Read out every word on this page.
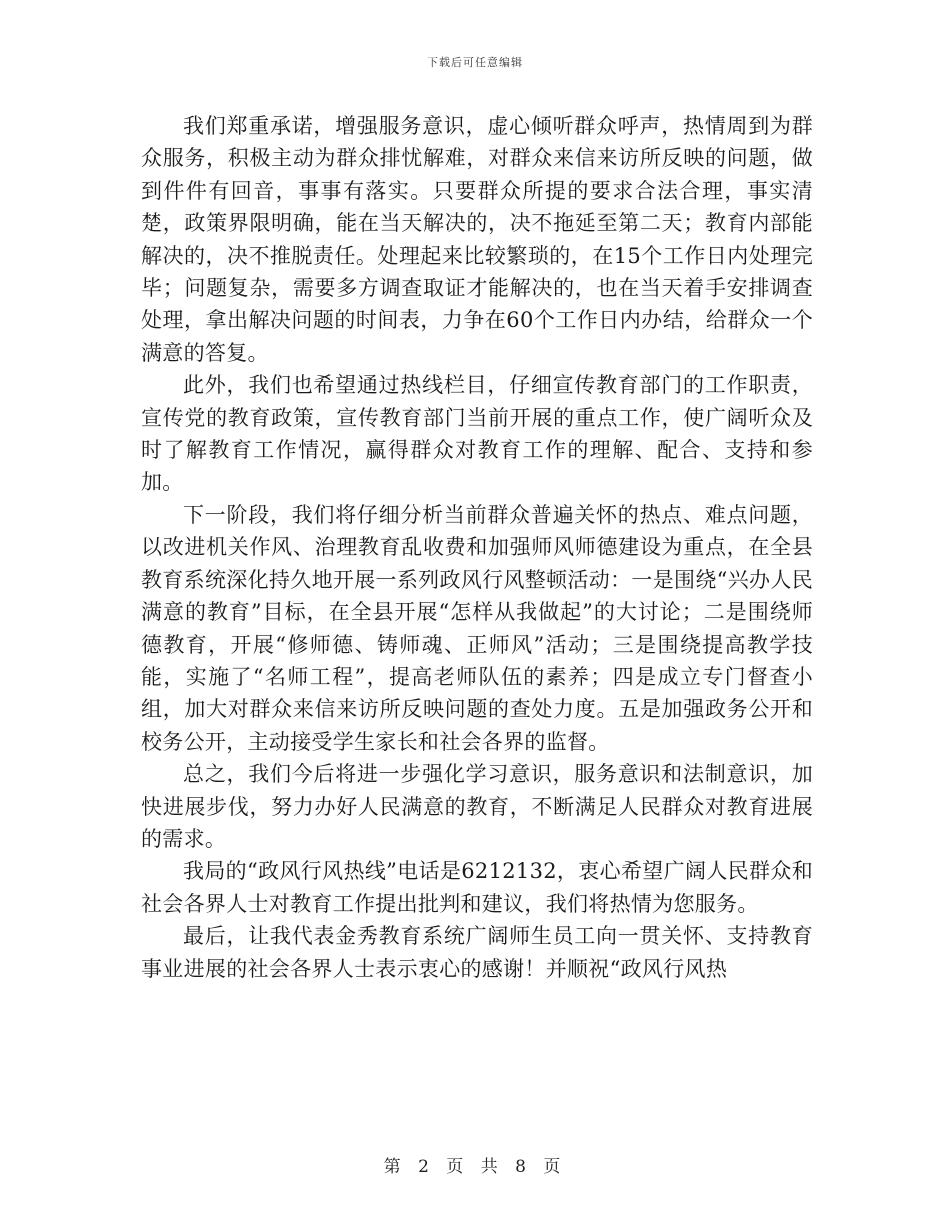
下载后可任意编辑

我们郑重承诺，增强服务意识，虚心倾听群众呼声，热情周到为群众服务，积极主动为群众排忧解难，对群众来信来访所反映的问题，做到件件有回音，事事有落实。只要群众所提的要求合法合理，事实清楚，政策界限明确，能在当天解决的，决不拖延至第二天；教育内部能解决的，决不推脱责任。处理起来比较繁琐的，在15个工作日内处理完毕；问题复杂，需要多方调查取证才能解决的，也在当天着手安排调查处理，拿出解决问题的时间表，力争在60个工作日内办结，给群众一个满意的答复。

此外，我们也希望通过热线栏目，仔细宣传教育部门的工作职责，宣传党的教育政策，宣传教育部门当前开展的重点工作，使广阔听众及时了解教育工作情况，赢得群众对教育工作的理解、配合、支持和参加。

下一阶段，我们将仔细分析当前群众普遍关怀的热点、难点问题，以改进机关作风、治理教育乱收费和加强师风师德建设为重点，在全县教育系统深化持久地开展一系列政风行风整顿活动：一是围绕“兴办人民满意的教育”目标，在全县开展“怎样从我做起”的大讨论；二是围绕师德教育，开展“修师德、铸师魂、正师风”活动；三是围绕提高教学技能，实施了“名师工程”，提高老师队伍的素养；四是成立专门督查小组，加大对群众来信来访所反映问题的查处力度。五是加强政务公开和校务公开，主动接受学生家长和社会各界的监督。

总之，我们今后将进一步强化学习意识，服务意识和法制意识，加快进展步伐，努力办好人民满意的教育，不断满足人民群众对教育进展的需求。

我局的“政风行风热线”电话是6212132，衷心希望广阔人民群众和社会各界人士对教育工作提出批判和建议，我们将热情为您服务。

最后，让我代表金秀教育系统广阔师生员工向一贯关怀、支持教育事业进展的社会各界人士表示衷心的感谢！并顺祝“政风行风热

第 2 页 共 8 页
